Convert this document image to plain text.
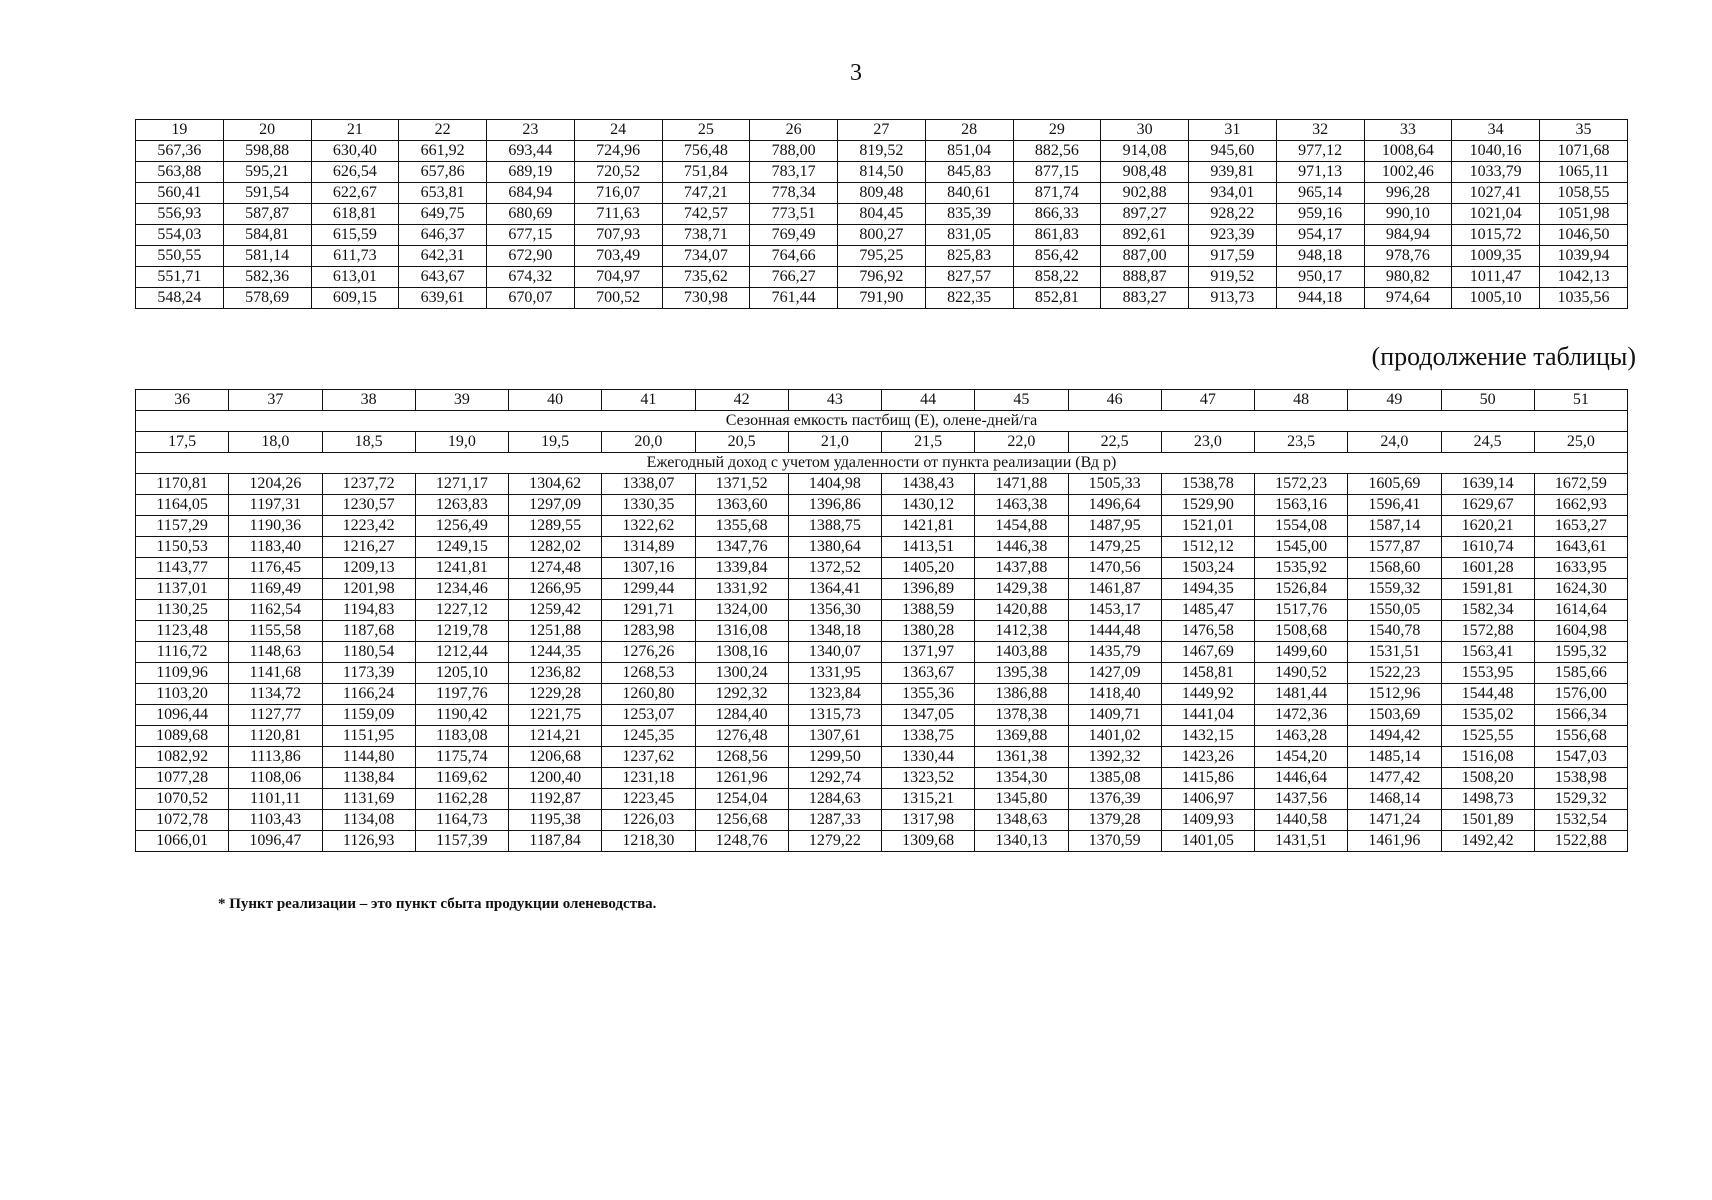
3
19	20	21	22	23	24	25	26	27	28	29	30	31	32	33	34	35
567,36	598,88	630,40	661,92	693,44	724,96	756,48	788,00	819,52	851,04	882,56	914,08	945,60	977,12	1008,64	1040,16	1071,68
563,88	595,21	626,54	657,86	689,19	720,52	751,84	783,17	814,50	845,83	877,15	908,48	939,81	971,13	1002,46	1033,79	1065,11
560,41	591,54	622,67	653,81	684,94	716,07	747,21	778,34	809,48	840,61	871,74	902,88	934,01	965,14	996,28	1027,41	1058,55
556,93	587,87	618,81	649,75	680,69	711,63	742,57	773,51	804,45	835,39	866,33	897,27	928,22	959,16	990,10	1021,04	1051,98
554,03	584,81	615,59	646,37	677,15	707,93	738,71	769,49	800,27	831,05	861,83	892,61	923,39	954,17	984,94	1015,72	1046,50
550,55	581,14	611,73	642,31	672,90	703,49	734,07	764,66	795,25	825,83	856,42	887,00	917,59	948,18	978,76	1009,35	1039,94
551,71	582,36	613,01	643,67	674,32	704,97	735,62	766,27	796,92	827,57	858,22	888,87	919,52	950,17	980,82	1011,47	1042,13
548,24	578,69	609,15	639,61	670,07	700,52	730,98	761,44	791,90	822,35	852,81	883,27	913,73	944,18	974,64	1005,10	1035,56
(продолжение таблицы)
36	37	38	39	40	41	42	43	44	45	46	47	48	49	50	51
Сезонная емкость пастбищ (Е), олене-дней/га															
17,5	18,0	18,5	19,0	19,5	20,0	20,5	21,0	21,5	22,0	22,5	23,0	23,5	24,0	24,5	25,0
Ежегодный доход с учетом удаленности от пункта реализации (Вд р)															
1170,81	1204,26	1237,72	1271,17	1304,62	1338,07	1371,52	1404,98	1438,43	1471,88	1505,33	1538,78	1572,23	1605,69	1639,14	1672,59
1164,05	1197,31	1230,57	1263,83	1297,09	1330,35	1363,60	1396,86	1430,12	1463,38	1496,64	1529,90	1563,16	1596,41	1629,67	1662,93
1157,29	1190,36	1223,42	1256,49	1289,55	1322,62	1355,68	1388,75	1421,81	1454,88	1487,95	1521,01	1554,08	1587,14	1620,21	1653,27
1150,53	1183,40	1216,27	1249,15	1282,02	1314,89	1347,76	1380,64	1413,51	1446,38	1479,25	1512,12	1545,00	1577,87	1610,74	1643,61
1143,77	1176,45	1209,13	1241,81	1274,48	1307,16	1339,84	1372,52	1405,20	1437,88	1470,56	1503,24	1535,92	1568,60	1601,28	1633,95
1137,01	1169,49	1201,98	1234,46	1266,95	1299,44	1331,92	1364,41	1396,89	1429,38	1461,87	1494,35	1526,84	1559,32	1591,81	1624,30
1130,25	1162,54	1194,83	1227,12	1259,42	1291,71	1324,00	1356,30	1388,59	1420,88	1453,17	1485,47	1517,76	1550,05	1582,34	1614,64
1123,48	1155,58	1187,68	1219,78	1251,88	1283,98	1316,08	1348,18	1380,28	1412,38	1444,48	1476,58	1508,68	1540,78	1572,88	1604,98
1116,72	1148,63	1180,54	1212,44	1244,35	1276,26	1308,16	1340,07	1371,97	1403,88	1435,79	1467,69	1499,60	1531,51	1563,41	1595,32
1109,96	1141,68	1173,39	1205,10	1236,82	1268,53	1300,24	1331,95	1363,67	1395,38	1427,09	1458,81	1490,52	1522,23	1553,95	1585,66
1103,20	1134,72	1166,24	1197,76	1229,28	1260,80	1292,32	1323,84	1355,36	1386,88	1418,40	1449,92	1481,44	1512,96	1544,48	1576,00
1096,44	1127,77	1159,09	1190,42	1221,75	1253,07	1284,40	1315,73	1347,05	1378,38	1409,71	1441,04	1472,36	1503,69	1535,02	1566,34
1089,68	1120,81	1151,95	1183,08	1214,21	1245,35	1276,48	1307,61	1338,75	1369,88	1401,02	1432,15	1463,28	1494,42	1525,55	1556,68
1082,92	1113,86	1144,80	1175,74	1206,68	1237,62	1268,56	1299,50	1330,44	1361,38	1392,32	1423,26	1454,20	1485,14	1516,08	1547,03
1077,28	1108,06	1138,84	1169,62	1200,40	1231,18	1261,96	1292,74	1323,52	1354,30	1385,08	1415,86	1446,64	1477,42	1508,20	1538,98
1070,52	1101,11	1131,69	1162,28	1192,87	1223,45	1254,04	1284,63	1315,21	1345,80	1376,39	1406,97	1437,56	1468,14	1498,73	1529,32
1072,78	1103,43	1134,08	1164,73	1195,38	1226,03	1256,68	1287,33	1317,98	1348,63	1379,28	1409,93	1440,58	1471,24	1501,89	1532,54
1066,01	1096,47	1126,93	1157,39	1187,84	1218,30	1248,76	1279,22	1309,68	1340,13	1370,59	1401,05	1431,51	1461,96	1492,42	1522,88
* Пункт реализации – это пункт сбыта продукции оленеводства.
